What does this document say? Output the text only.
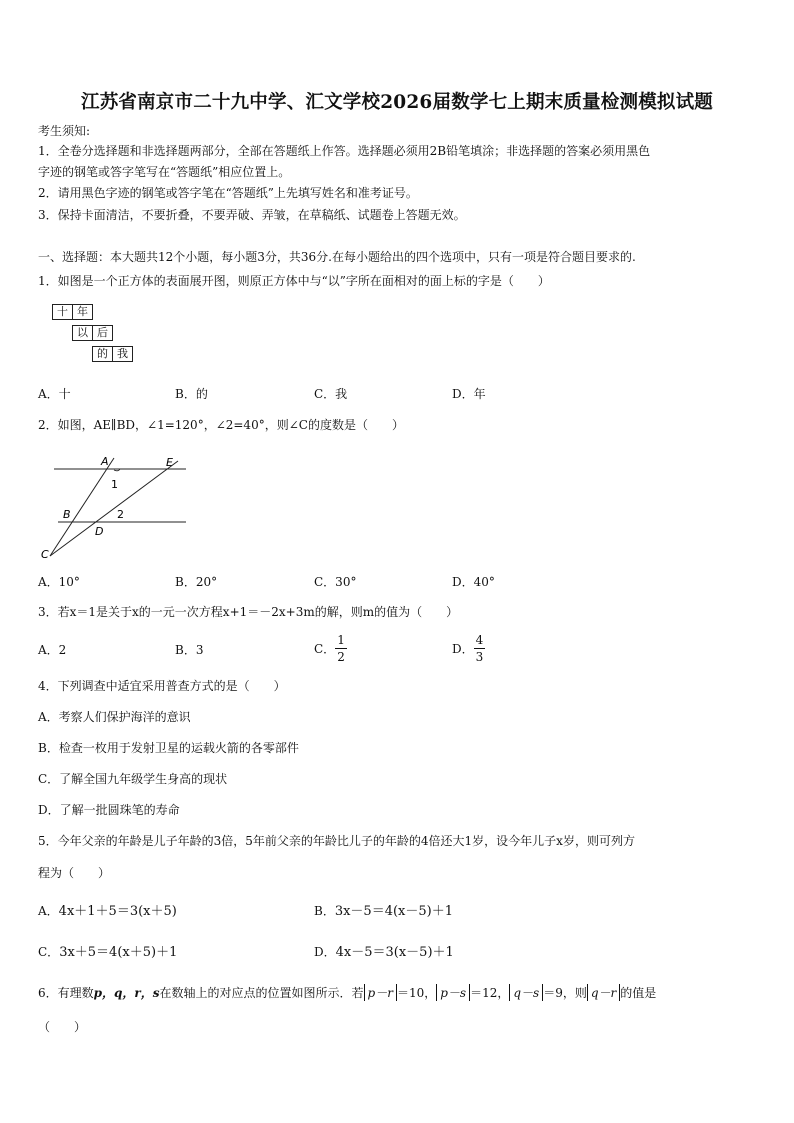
江苏省南京市二十九中学、汇文学校2026届数学七上期末质量检测模拟试题
考生须知:
1．全卷分选择题和非选择题两部分，全部在答题纸上作答。选择题必须用2B铅笔填涂；非选择题的答案必须用黑色
字迹的钢笔或答字笔写在“答题纸”相应位置上。
2．请用黑色字迹的钢笔或答字笔在“答题纸”上先填写姓名和准考证号。
3．保持卡面清洁，不要折叠，不要弄破、弄皱，在草稿纸、试题卷上答题无效。
一、选择题：本大题共12个小题，每小题3分，共36分.在每小题给出的四个选项中，只有一项是符合题目要求的.
1．如图是一个正方体的表面展开图，则原正方体中与“以”字所在面相对的面上标的字是（　　）
十 年
以 后
的 我
A．十	B．的	C．我	D．年
2．如图，AE∥BD，∠1=120°，∠2=40°，则∠C的度数是（　　）
A	E
B
D
C
1
2
A．10°	B．20°	C．30°	D．40°
3．若x＝1是关于x的一元一次方程x+1＝－2x+3m的解，则m的值为（　　）
A．2	B．3	C． $\frac{1}{2}$	D． $\frac{4}{3}$
4．下列调查中适宜采用普查方式的是（　　）
A．考察人们保护海洋的意识
B．检查一枚用于发射卫星的运载火箭的各零部件
C．了解全国九年级学生身高的现状
D．了解一批圆珠笔的寿命
5．今年父亲的年龄是儿子年龄的3倍，5年前父亲的年龄比儿子的年龄的4倍还大1岁，设今年儿子x岁，则可列方
程为（　　）
A．4x＋1＋5＝3(x＋5)	B．3x－5＝4(x－5)＋1
C．3x＋5＝4(x＋5)＋1	D．4x－5＝3(x－5)＋1
6．有理数p，q，r，s在数轴上的对应点的位置如图所示．若 p－r ＝10， p－s ＝12， q－s ＝9，则 q－r 的值是
（　　）
